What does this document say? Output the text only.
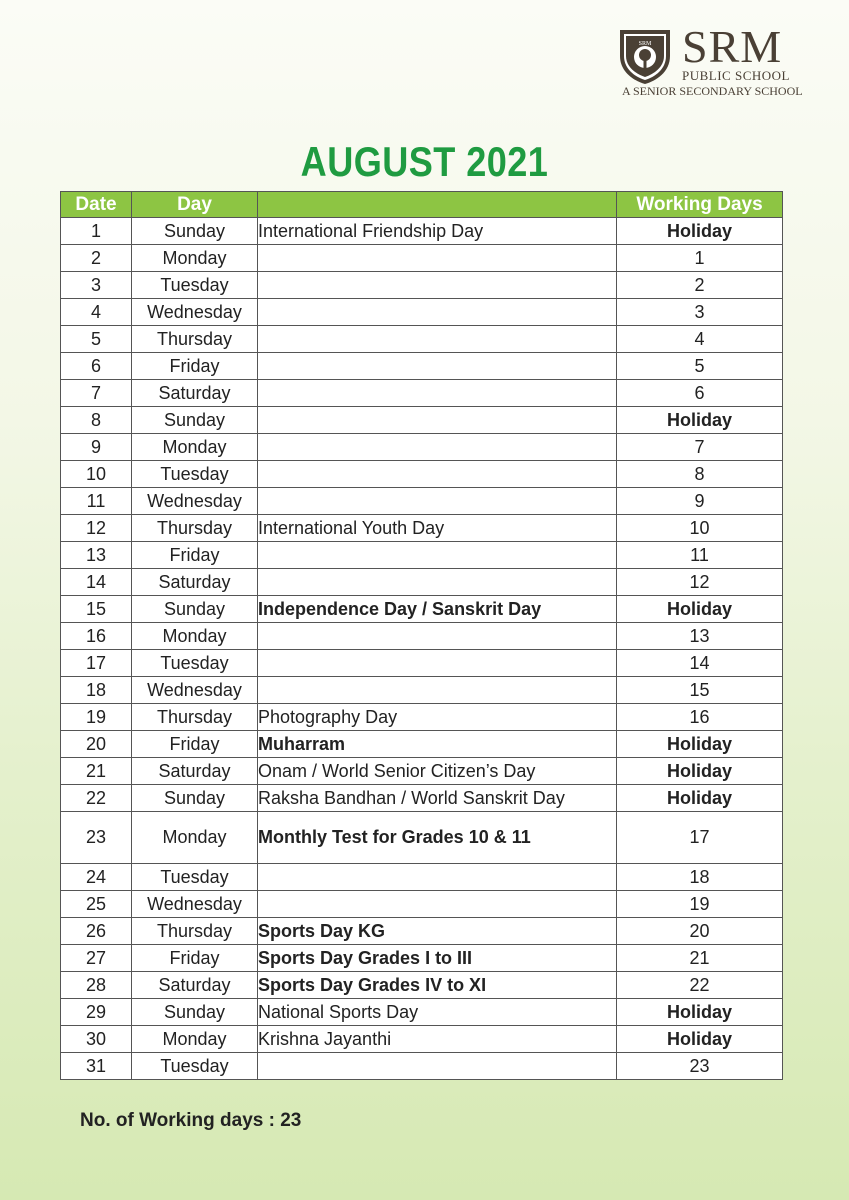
SRM SRM
PUBLIC SCHOOL
A SENIOR SECONDARY SCHOOL
AUGUST 2021
Date	Day		Working Days
1	Sunday	International Friendship Day	Holiday
2	Monday		1
3	Tuesday		2
4	Wednesday		3
5	Thursday		4
6	Friday		5
7	Saturday		6
8	Sunday		Holiday
9	Monday		7
10	Tuesday		8
11	Wednesday		9
12	Thursday	International Youth Day	10
13	Friday		11
14	Saturday		12
15	Sunday	Independence Day / Sanskrit Day	Holiday
16	Monday		13
17	Tuesday		14
18	Wednesday		15
19	Thursday	Photography Day	16
20	Friday	Muharram	Holiday
21	Saturday	Onam / World Senior Citizen’s Day	Holiday
22	Sunday	Raksha Bandhan / World Sanskrit Day	Holiday
23	Monday	Monthly Test for Grades 10 & 11	17
24	Tuesday		18
25	Wednesday		19
26	Thursday	Sports Day KG	20
27	Friday	Sports Day Grades I to III	21
28	Saturday	Sports Day Grades IV to XI	22
29	Sunday	National Sports Day	Holiday
30	Monday	Krishna Jayanthi	Holiday
31	Tuesday		23
No. of Working days : 23
